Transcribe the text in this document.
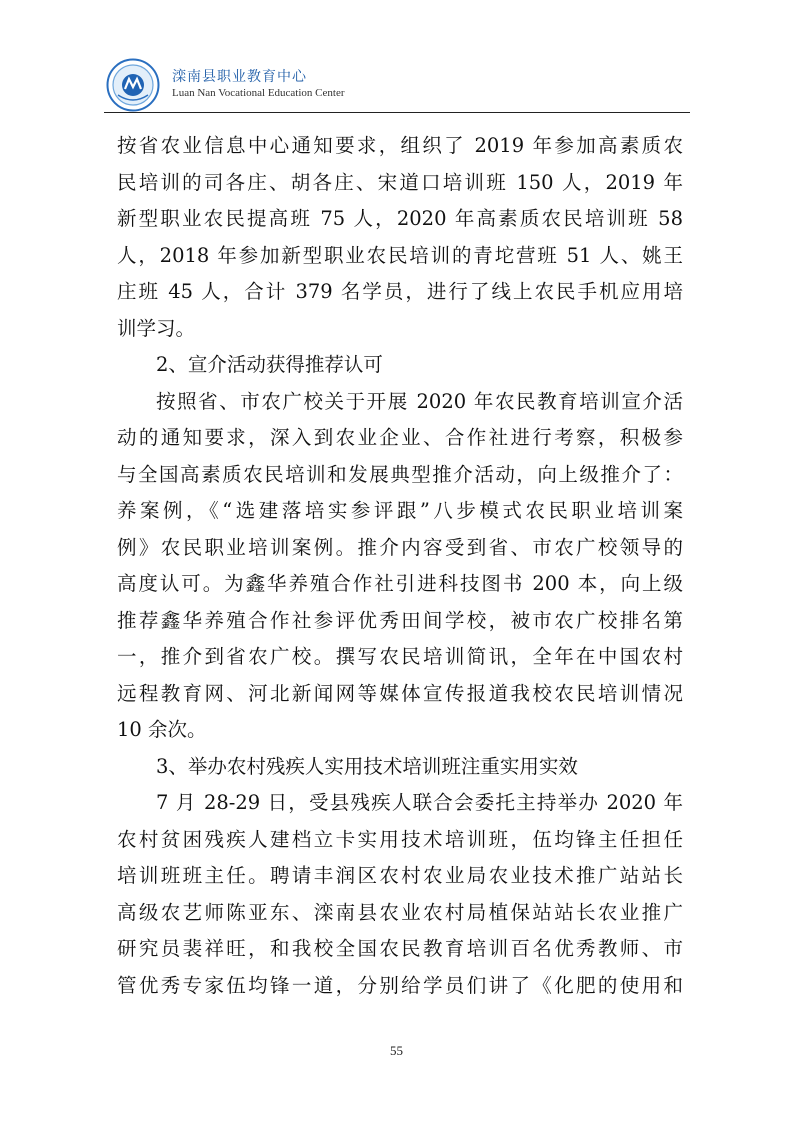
滦南县职业教育中心
Luan Nan Vocational Education Center
按省农业信息中心通知要求，组织了 2019 年参加高素质农
民培训的司各庄、胡各庄、宋道口培训班 150 人，2019 年
新型职业农民提高班 75 人，2020 年高素质农民培训班 58
人，2018 年参加新型职业农民培训的青坨营班 51 人、姚王
庄班 45 人，合计 379 名学员，进行了线上农民手机应用培
训学习。
2、宣介活动获得推荐认可
按照省、市农广校关于开展 2020 年农民教育培训宣介活
动的通知要求，深入到农业企业、合作社进行考察，积极参
与全国高素质农民培训和发展典型推介活动，向上级推介了：
养案例，《“选建落培实参评跟”八步模式农民职业培训案
例》农民职业培训案例。推介内容受到省、市农广校领导的
高度认可。为鑫华养殖合作社引进科技图书 200 本，向上级
推荐鑫华养殖合作社参评优秀田间学校，被市农广校排名第
一，推介到省农广校。撰写农民培训简讯，全年在中国农村
远程教育网、河北新闻网等媒体宣传报道我校农民培训情况
10 余次。
3、举办农村残疾人实用技术培训班注重实用实效
7 月 28-29 日，受县残疾人联合会委托主持举办 2020 年
农村贫困残疾人建档立卡实用技术培训班，伍均锋主任担任
培训班班主任。聘请丰润区农村农业局农业技术推广站站长
高级农艺师陈亚东、滦南县农业农村局植保站站长农业推广
研究员裴祥旺，和我校全国农民教育培训百名优秀教师、市
管优秀专家伍均锋一道，分别给学员们讲了《化肥的使用和
55
